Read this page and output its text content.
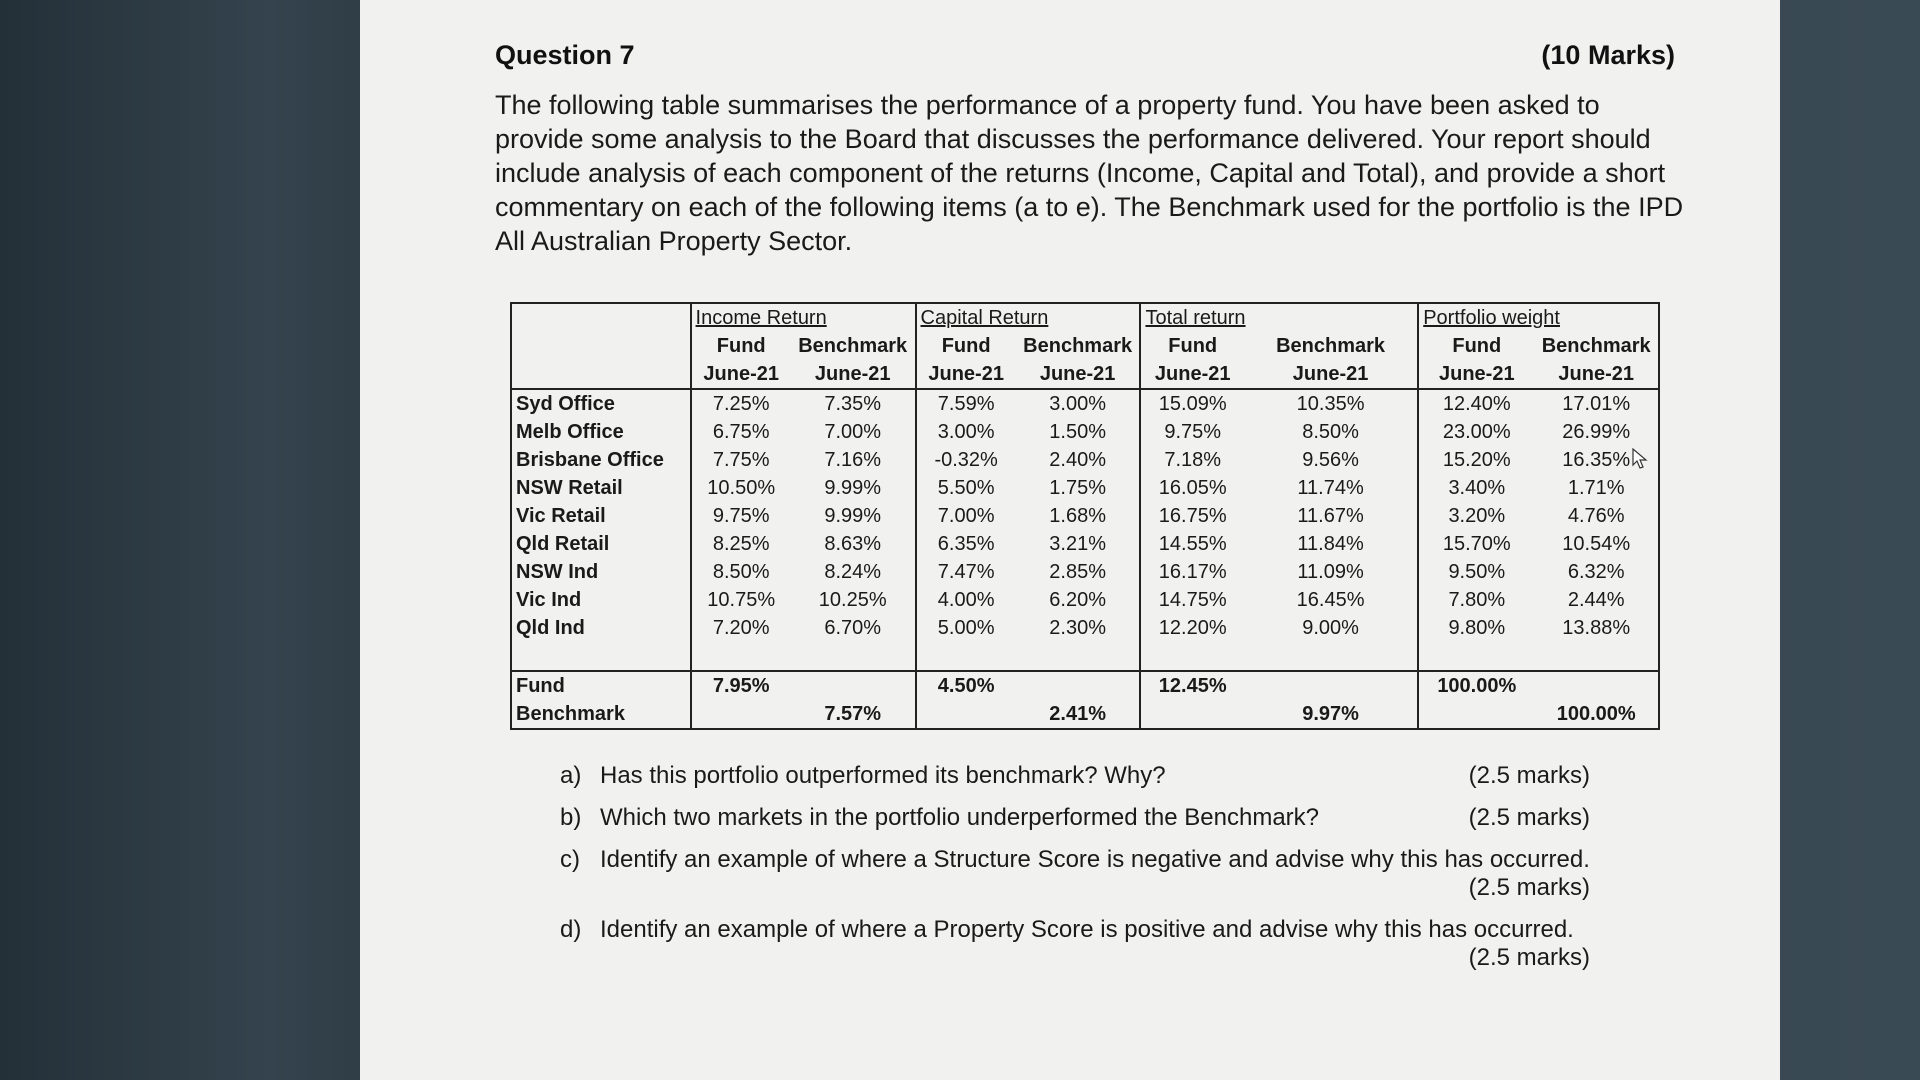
Question 7	(10 Marks)
The following table summarises the performance of a property fund. You have been asked to provide some analysis to the Board that discusses the performance delivered. Your report should include analysis of each component of the returns (Income, Capital and Total), and provide a short commentary on each of the following items (a to e). The Benchmark used for the portfolio is the IPD All Australian Property Sector.
	Income Return		Capital Return		Total return		Portfolio weight	
	Fund	Benchmark	Fund	Benchmark	Fund	Benchmark	Fund	Benchmark
	June-21	June-21	June-21	June-21	June-21	June-21	June-21	June-21
Syd Office	7.25%	7.35%	7.59%	3.00%	15.09%	10.35%	12.40%	17.01%
Melb Office	6.75%	7.00%	3.00%	1.50%	9.75%	8.50%	23.00%	26.99%
Brisbane Office	7.75%	7.16%	-0.32%	2.40%	7.18%	9.56%	15.20%	16.35%
NSW Retail	10.50%	9.99%	5.50%	1.75%	16.05%	11.74%	3.40%	1.71%
Vic Retail	9.75%	9.99%	7.00%	1.68%	16.75%	11.67%	3.20%	4.76%
Qld Retail	8.25%	8.63%	6.35%	3.21%	14.55%	11.84%	15.70%	10.54%
NSW Ind	8.50%	8.24%	7.47%	2.85%	16.17%	11.09%	9.50%	6.32%
Vic Ind	10.75%	10.25%	4.00%	6.20%	14.75%	16.45%	7.80%	2.44%
Qld Ind	7.20%	6.70%	5.00%	2.30%	12.20%	9.00%	9.80%	13.88%

Fund	7.95%		4.50%		12.45%		100.00%	
Benchmark		7.57%		2.41%		9.97%		100.00%
a) Has this portfolio outperformed its benchmark? Why?	(2.5 marks)
b) Which two markets in the portfolio underperformed the Benchmark?	(2.5 marks)
c) Identify an example of where a Structure Score is negative and advise why this has occurred.
(2.5 marks)
d) Identify an example of where a Property Score is positive and advise why this has occurred.
(2.5 marks)
